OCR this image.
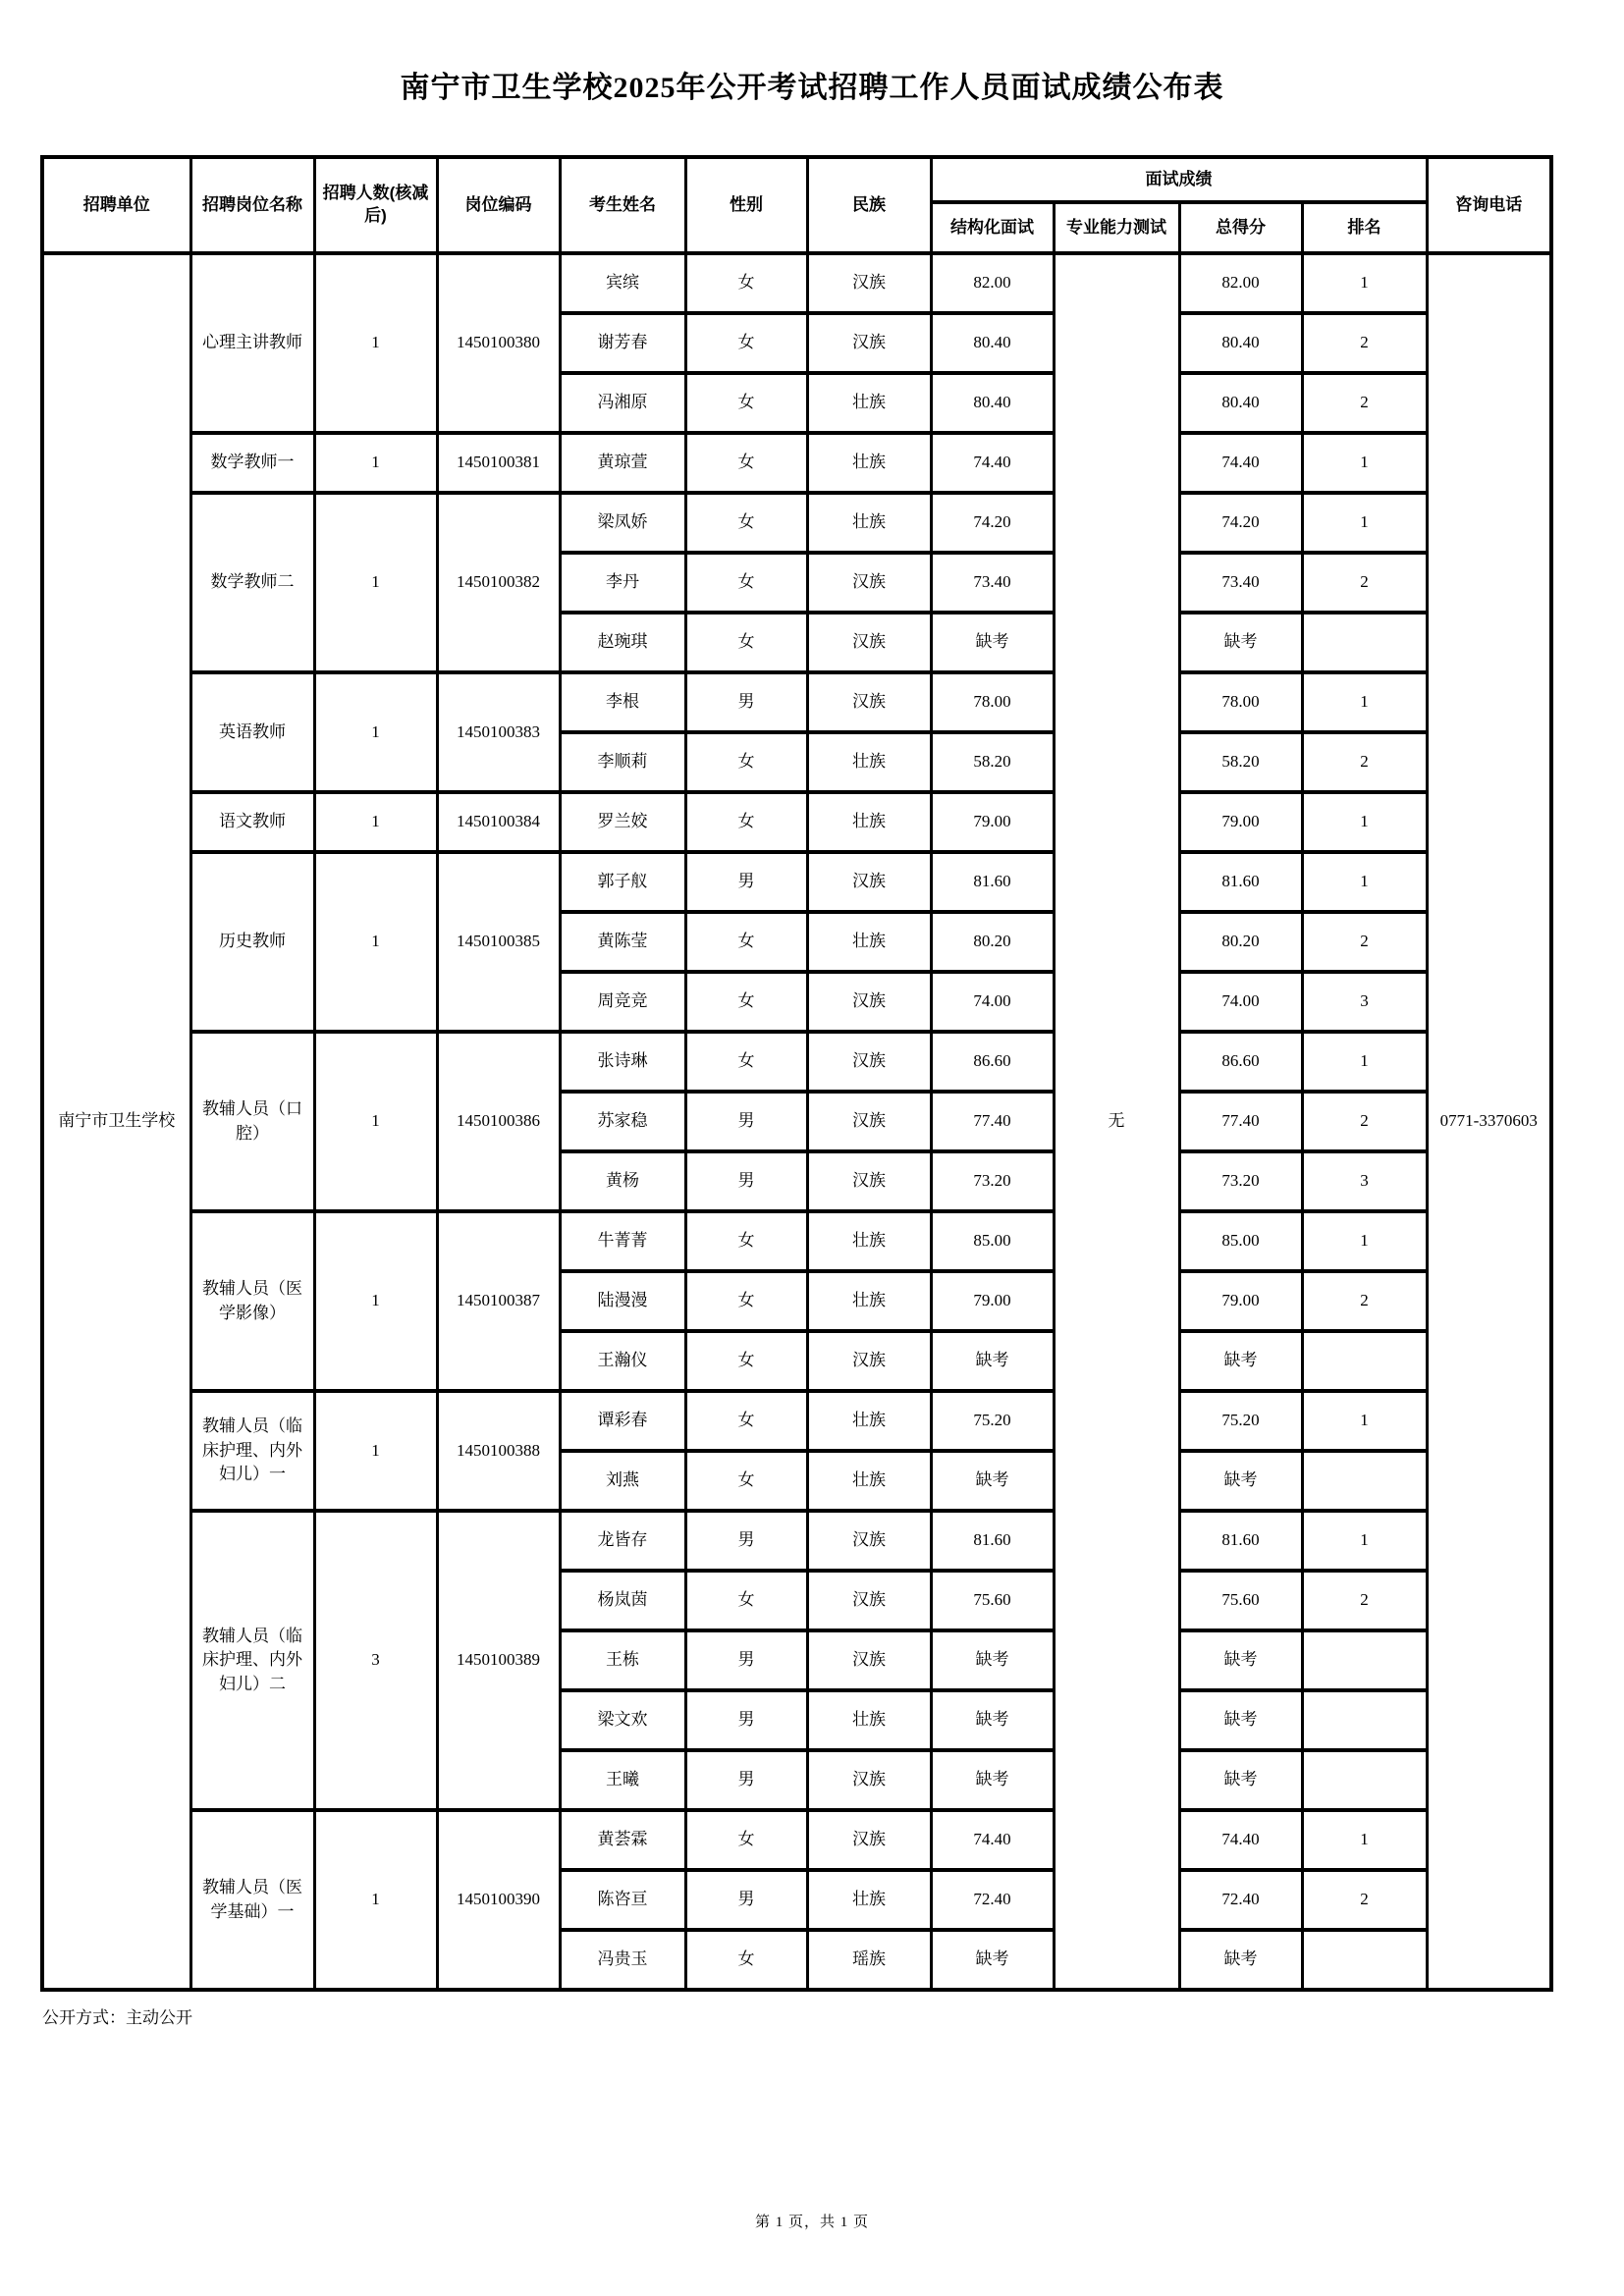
南宁市卫生学校2025年公开考试招聘工作人员面试成绩公布表
招聘单位	招聘岗位名称	招聘人数(核减后)	岗位编码	考生姓名	性别	民族	面试成绩				咨询电话
							结构化面试	专业能力测试	总得分	排名	
南宁市卫生学校	心理主讲教师	1	1450100380	宾缤	女	汉族	82.00	无	82.00	1	0771-3370603
				谢芳春	女	汉族	80.40		80.40	2	
				冯湘原	女	壮族	80.40		80.40	2	
	数学教师一	1	1450100381	黄琼萱	女	壮族	74.40		74.40	1	
	数学教师二	1	1450100382	梁凤娇	女	壮族	74.20		74.20	1	
				李丹	女	汉族	73.40		73.40	2	
				赵琬琪	女	汉族	缺考		缺考		
	英语教师	1	1450100383	李根	男	汉族	78.00		78.00	1	
				李顺莉	女	壮族	58.20		58.20	2	
	语文教师	1	1450100384	罗兰姣	女	壮族	79.00		79.00	1	
	历史教师	1	1450100385	郭子舣	男	汉族	81.60		81.60	1	
				黄陈莹	女	壮族	80.20		80.20	2	
				周竞竞	女	汉族	74.00		74.00	3	
	教辅人员（口腔）	1	1450100386	张诗琳	女	汉族	86.60		86.60	1	
				苏家稳	男	汉族	77.40		77.40	2	
				黄杨	男	汉族	73.20		73.20	3	
	教辅人员（医学影像）	1	1450100387	牛菁菁	女	壮族	85.00		85.00	1	
				陆漫漫	女	壮族	79.00		79.00	2	
				王瀚仪	女	汉族	缺考		缺考		
	教辅人员（临床护理、内外妇儿）一	1	1450100388	谭彩春	女	壮族	75.20		75.20	1	
				刘燕	女	壮族	缺考		缺考		
	教辅人员（临床护理、内外妇儿）二	3	1450100389	龙皆存	男	汉族	81.60		81.60	1	
				杨岚茵	女	汉族	75.60		75.60	2	
				王栋	男	汉族	缺考		缺考		
				梁文欢	男	壮族	缺考		缺考		
				王曦	男	汉族	缺考		缺考		
	教辅人员（医学基础）一	1	1450100390	黄荟霖	女	汉族	74.40		74.40	1	
				陈咨亘	男	壮族	72.40		72.40	2	
				冯贵玉	女	瑶族	缺考		缺考		
公开方式：主动公开
第 1 页，共 1 页
